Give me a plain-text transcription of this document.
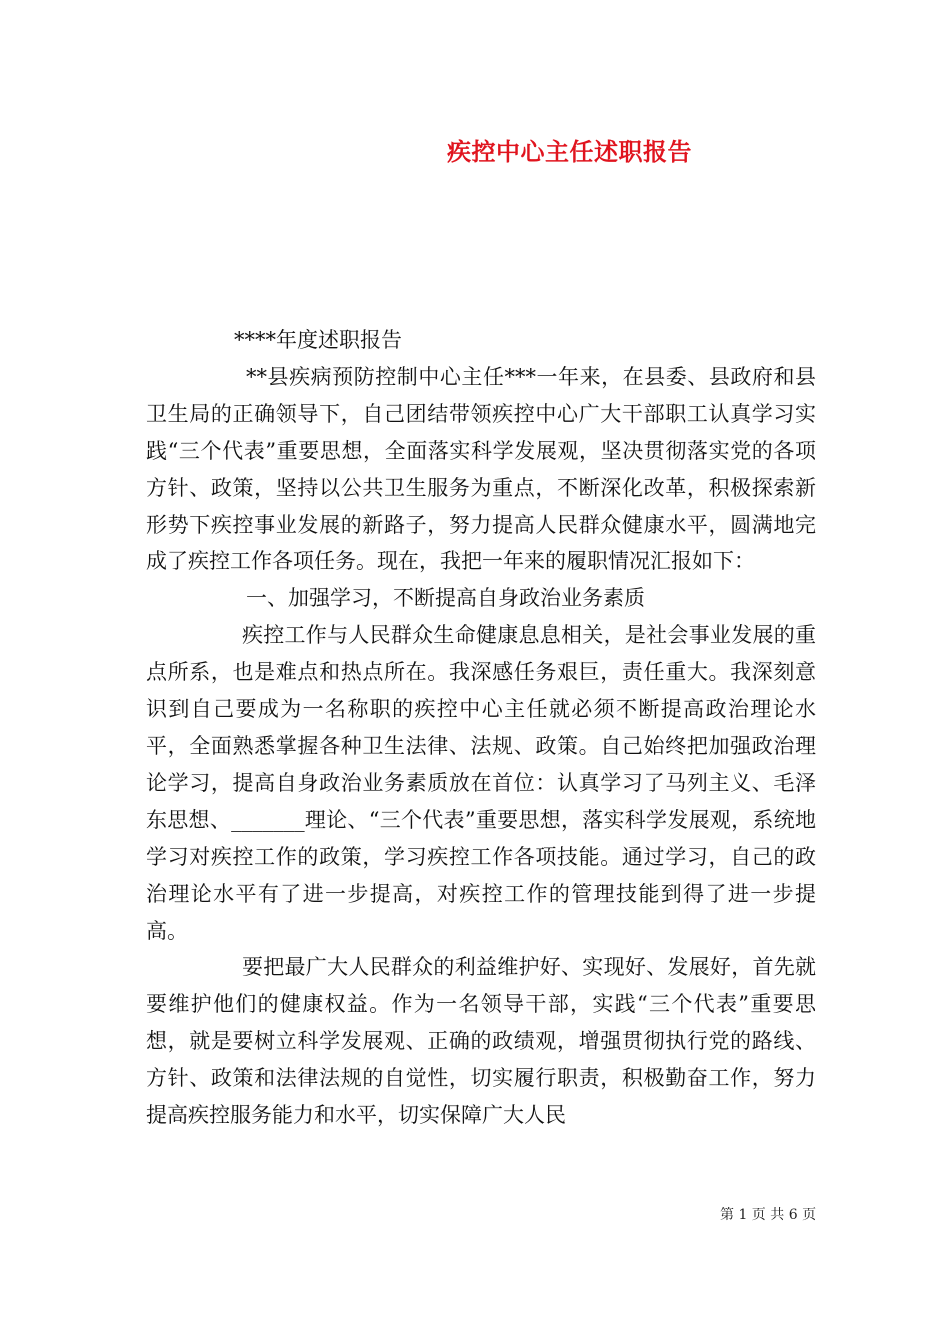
疾控中心主任述职报告

****年度述职报告

**县疾病预防控制中心主任***一年来，在县委、县政府和县卫生局的正确领导下，自己团结带领疾控中心广大干部职工认真学习实践“三个代表”重要思想，全面落实科学发展观，坚决贯彻落实党的各项方针、政策，坚持以公共卫生服务为重点，不断深化改革，积极探索新形势下疾控事业发展的新路子，努力提高人民群众健康水平，圆满地完成了疾控工作各项任务。现在，我把一年来的履职情况汇报如下：

一、加强学习，不断提高自身政治业务素质

疾控工作与人民群众生命健康息息相关，是社会事业发展的重点所系，也是难点和热点所在。我深感任务艰巨，责任重大。我深刻意识到自己要成为一名称职的疾控中心主任就必须不断提高政治理论水平，全面熟悉掌握各种卫生法律、法规、政策。自己始终把加强政治理论学习，提高自身政治业务素质放在首位：认真学习了马列主义、毛泽东思想、_______理论、“三个代表”重要思想，落实科学发展观，系统地学习对疾控工作的政策，学习疾控工作各项技能。通过学习，自己的政治理论水平有了进一步提高，对疾控工作的管理技能到得了进一步提高。

要把最广大人民群众的利益维护好、实现好、发展好，首先就要维护他们的健康权益。作为一名领导干部，实践“三个代表”重要思想，就是要树立科学发展观、正确的政绩观，增强贯彻执行党的路线、方针、政策和法律法规的自觉性，切实履行职责，积极勤奋工作，努力提高疾控服务能力和水平，切实保障广大人民

第 1 页 共 6 页
